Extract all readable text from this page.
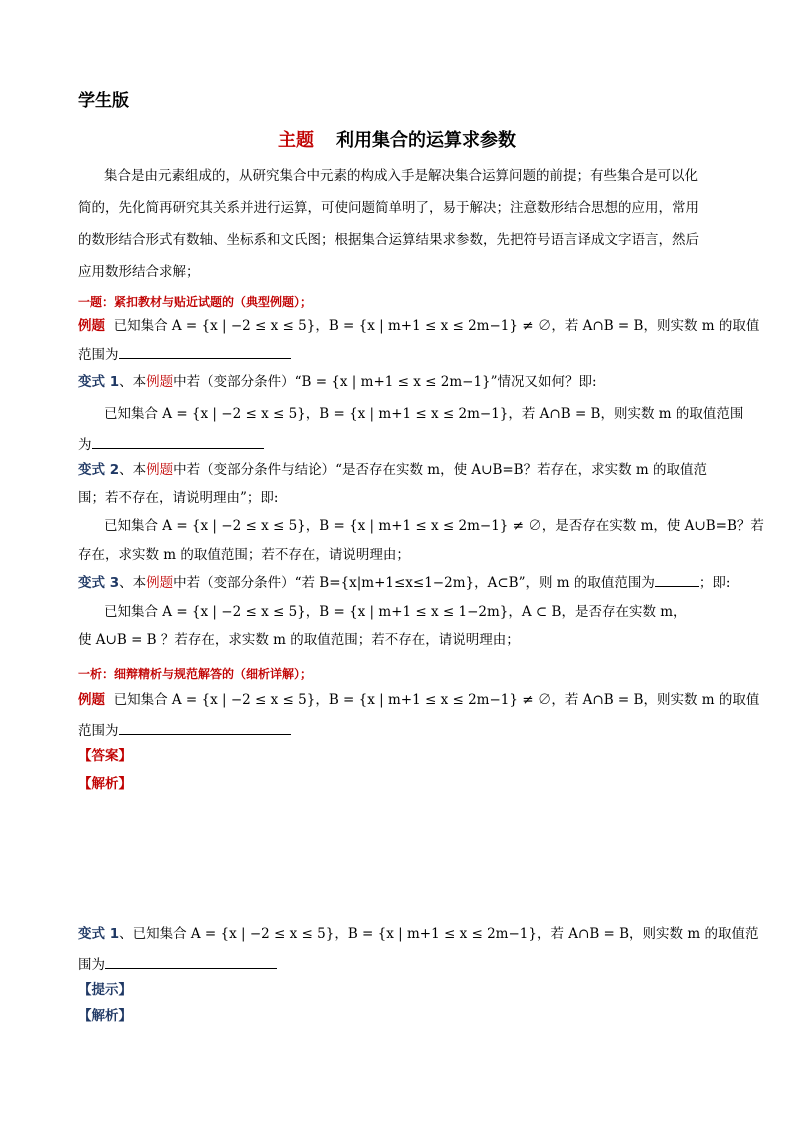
学生版
主题 利用集合的运算求参数
集合是由元素组成的，从研究集合中元素的构成入手是解决集合运算问题的前提；有些集合是可以化
简的，先化简再研究其关系并进行运算，可使问题简单明了，易于解决；注意数形结合思想的应用，常用
的数形结合形式有数轴、坐标系和文氏图；根据集合运算结果求参数，先把符号语言译成文字语言，然后
应用数形结合求解；
一题：紧扣教材与贴近试题的（典型例题）；
例题 已知集合 A = {x | −2 ≤ x ≤ 5}，B = {x | m+1 ≤ x ≤ 2m−1} ≠ ∅，若 A∩B = B，则实数 m 的取值
范围为
变式 1、本例题中若（变部分条件）“B = {x | m+1 ≤ x ≤ 2m−1}”情况又如何？即:
已知集合 A = {x | −2 ≤ x ≤ 5}，B = {x | m+1 ≤ x ≤ 2m−1}，若 A∩B = B，则实数 m 的取值范围
为
变式 2、本例题中若（变部分条件与结论）“是否存在实数 m，使 A∪B=B？若存在，求实数 m 的取值范
围；若不存在，请说明理由”；即:
已知集合 A = {x | −2 ≤ x ≤ 5}，B = {x | m+1 ≤ x ≤ 2m−1} ≠ ∅，是否存在实数 m，使 A∪B=B？若
存在，求实数 m 的取值范围；若不存在，请说明理由；
变式 3、本例题中若（变部分条件）“若 B={x|m+1≤x≤1−2m}，A⊂B”，则 m 的取值范围为	；即:
已知集合 A = {x | −2 ≤ x ≤ 5}，B = {x | m+1 ≤ x ≤ 1−2m}，A ⊂ B，是否存在实数 m，
使 A∪B = B ？若存在，求实数 m 的取值范围；若不存在，请说明理由；
一析：细辩精析与规范解答的（细析详解）；
例题 已知集合 A = {x | −2 ≤ x ≤ 5}，B = {x | m+1 ≤ x ≤ 2m−1} ≠ ∅，若 A∩B = B，则实数 m 的取值
范围为
【答案】
【解析】
变式 1、已知集合 A = {x | −2 ≤ x ≤ 5}，B = {x | m+1 ≤ x ≤ 2m−1}，若 A∩B = B，则实数 m 的取值范
围为
【提示】
【解析】
